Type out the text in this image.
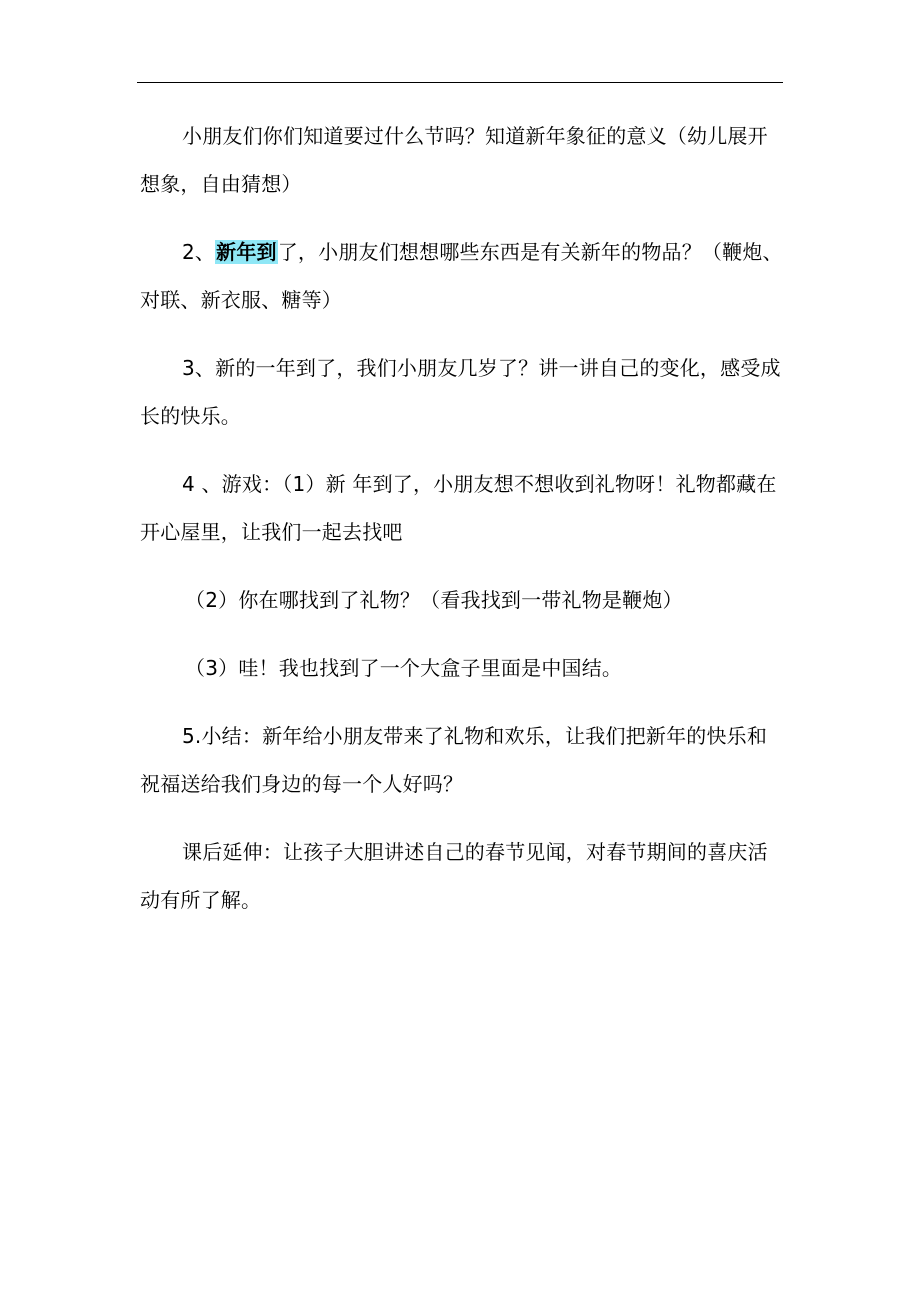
小朋友们你们知道要过什么节吗？知道新年象征的意义（幼儿展开想象，自由猜想）

2、新年到了，小朋友们想想哪些东西是有关新年的物品？（鞭炮、对联、新衣服、糖等）

3、新的一年到了，我们小朋友几岁了？讲一讲自己的变化，感受成长的快乐。

4 、游戏：（1）新 年到了，小朋友想不想收到礼物呀！礼物都藏在开心屋里，让我们一起去找吧

（2）你在哪找到了礼物？（看我找到一带礼物是鞭炮）

（3）哇！我也找到了一个大盒子里面是中国结。

5.小结：新年给小朋友带来了礼物和欢乐，让我们把新年的快乐和祝福送给我们身边的每一个人好吗？

课后延伸：让孩子大胆讲述自己的春节见闻，对春节期间的喜庆活动有所了解。
